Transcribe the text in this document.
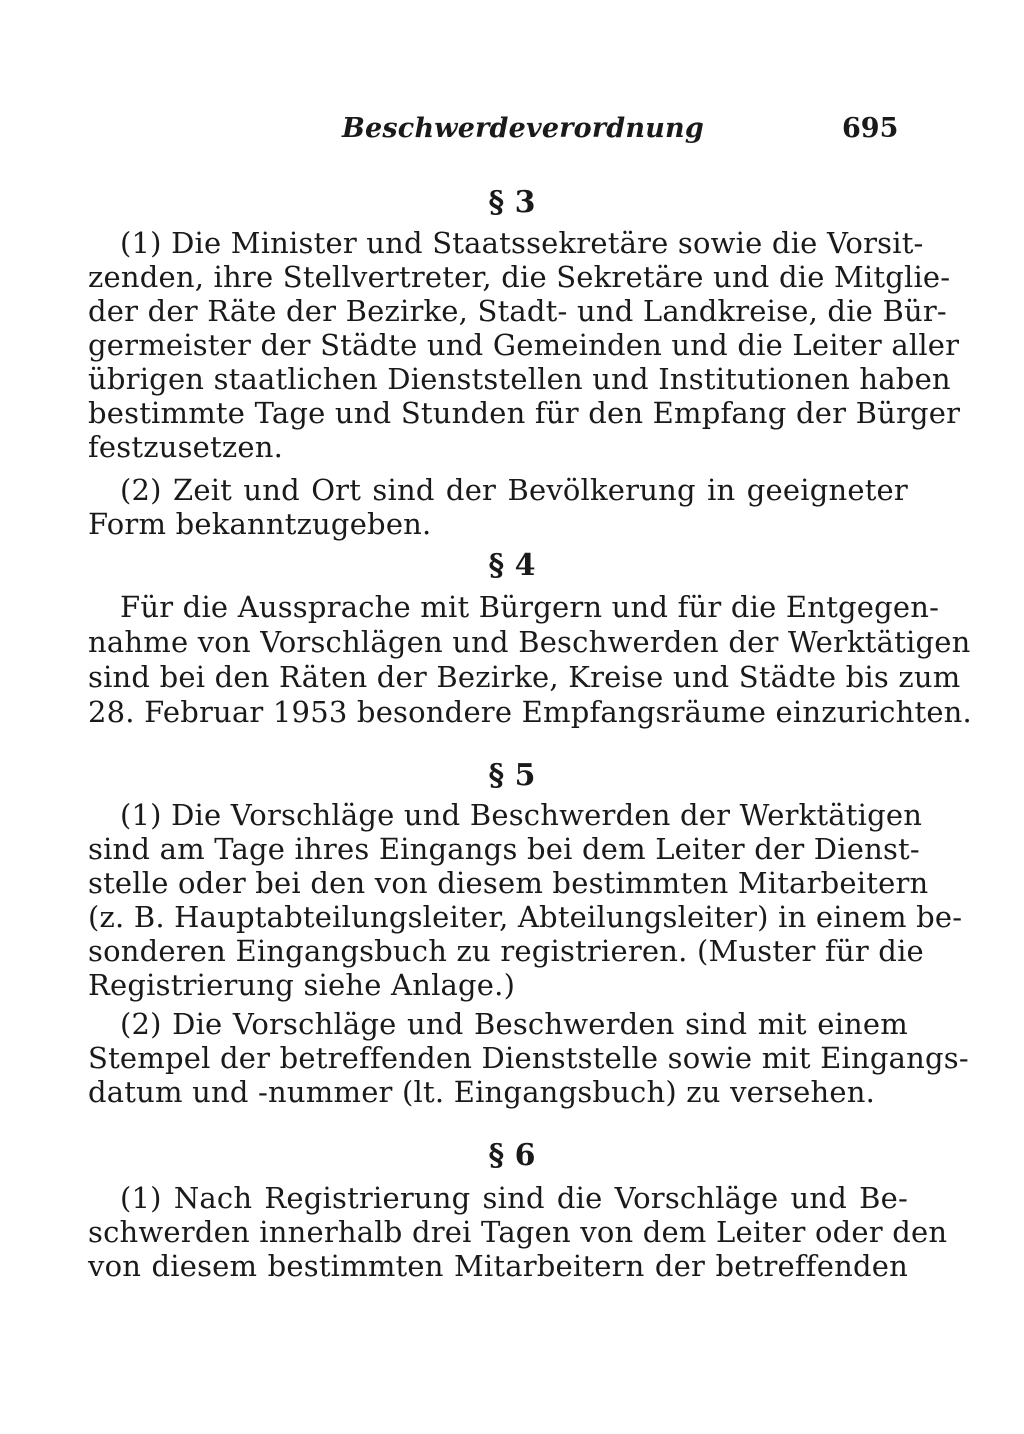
Beschwerdeverordnung	695
§ 3
(1) Die Minister und Staatssekretäre sowie die Vorsit-
zenden, ihre Stellvertreter, die Sekretäre und die Mitglie-
der der Räte der Bezirke, Stadt- und Landkreise, die Bür-
germeister der Städte und Gemeinden und die Leiter aller
übrigen staatlichen Dienststellen und Institutionen haben
bestimmte Tage und Stunden für den Empfang der Bürger
festzusetzen.
(2) Zeit und Ort sind der Bevölkerung in geeigneter
Form bekanntzugeben.
§ 4
Für die Aussprache mit Bürgern und für die Entgegen-
nahme von Vorschlägen und Beschwerden der Werktätigen
sind bei den Räten der Bezirke, Kreise und Städte bis zum
28. Februar 1953 besondere Empfangsräume einzurichten.
§ 5
(1) Die Vorschläge und Beschwerden der Werktätigen
sind am Tage ihres Eingangs bei dem Leiter der Dienst-
stelle oder bei den von diesem bestimmten Mitarbeitern
(z. B. Hauptabteilungsleiter, Abteilungsleiter) in einem be-
sonderen Eingangsbuch zu registrieren. (Muster für die
Registrierung siehe Anlage.)
(2) Die Vorschläge und Beschwerden sind mit einem
Stempel der betreffenden Dienststelle sowie mit Eingangs-
datum und -nummer (lt. Eingangsbuch) zu versehen.
§ 6
(1) Nach Registrierung sind die Vorschläge und Be-
schwerden innerhalb drei Tagen von dem Leiter oder den
von diesem bestimmten Mitarbeitern der betreffenden
